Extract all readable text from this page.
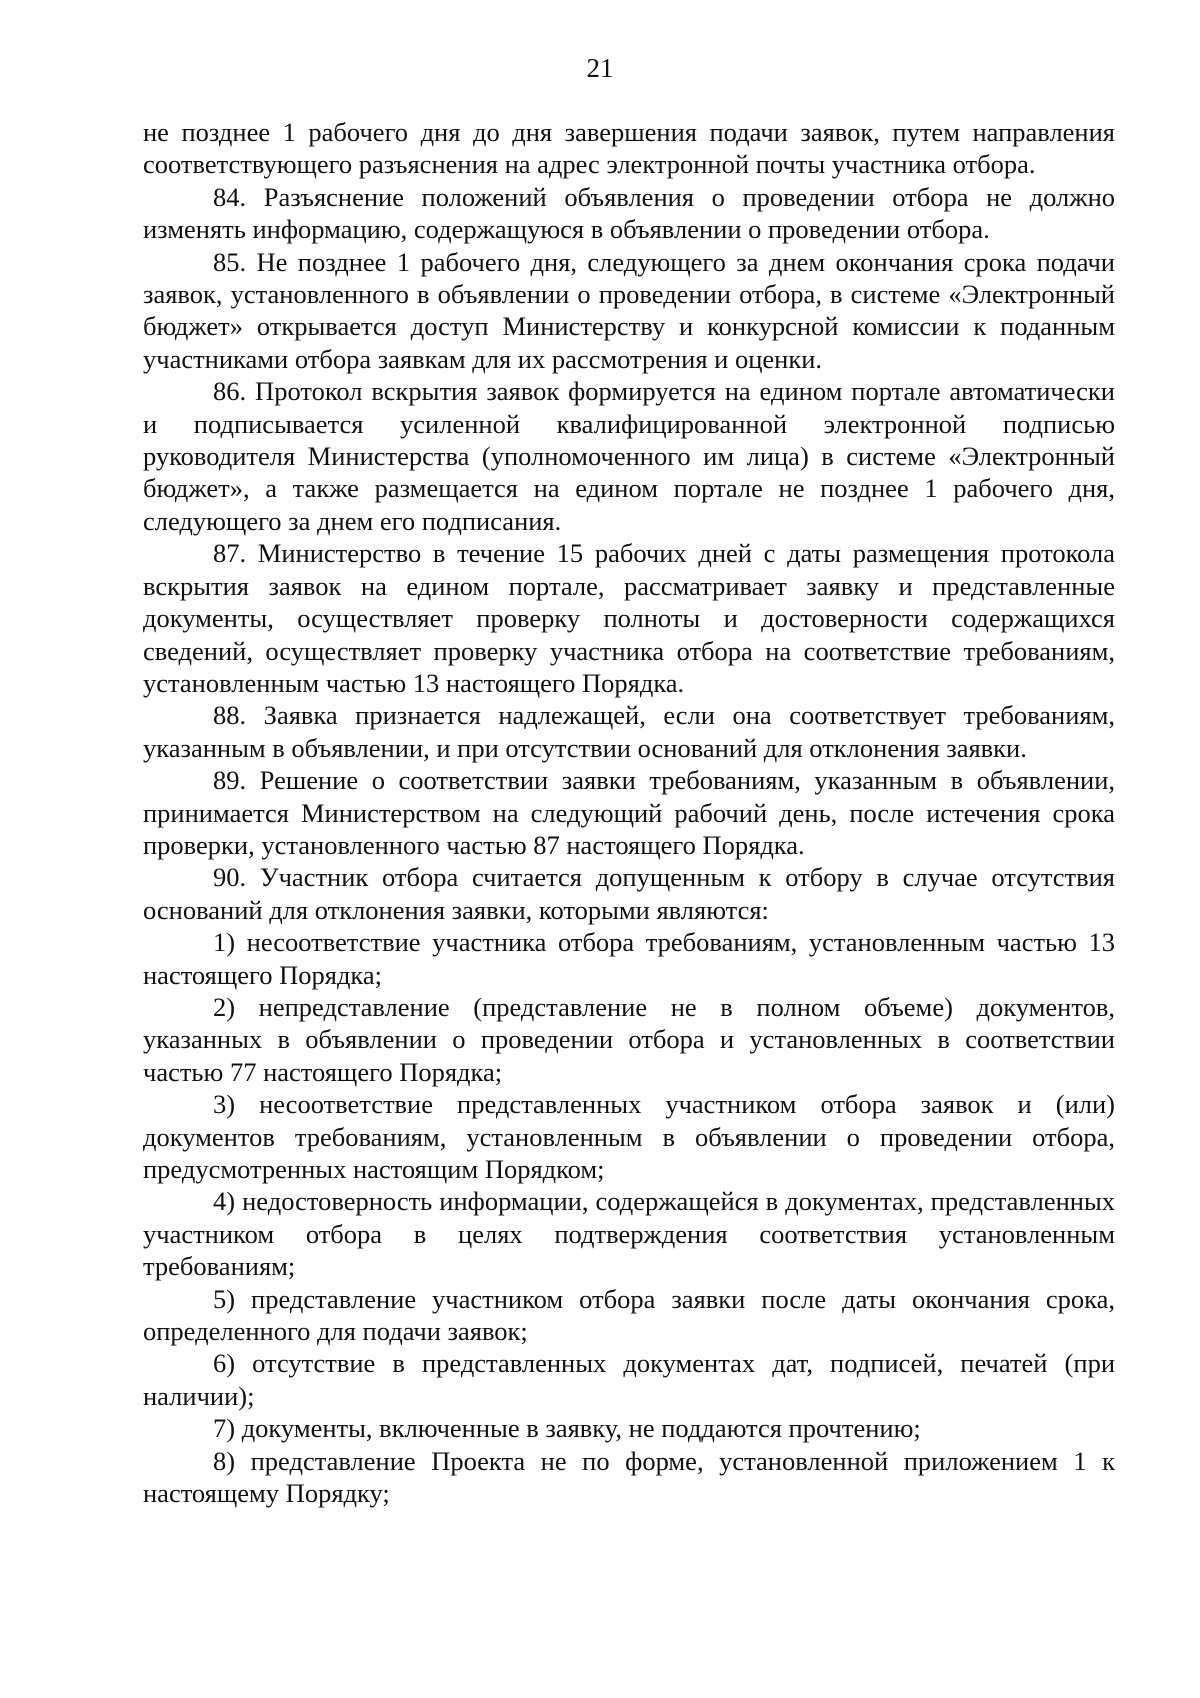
21

не позднее 1 рабочего дня до дня завершения подачи заявок, путем направления соответствующего разъяснения на адрес электронной почты участника отбора.

84. Разъяснение положений объявления о проведении отбора не должно изменять информацию, содержащуюся в объявлении о проведении отбора.

85. Не позднее 1 рабочего дня, следующего за днем окончания срока подачи заявок, установленного в объявлении о проведении отбора, в системе «Электронный бюджет» открывается доступ Министерству и конкурсной комиссии к поданным участниками отбора заявкам для их рассмотрения и оценки.

86. Протокол вскрытия заявок формируется на едином портале автоматически и подписывается усиленной квалифицированной электронной подписью руководителя Министерства (уполномоченного им лица) в системе «Электронный бюджет», а также размещается на едином портале не позднее 1 рабочего дня, следующего за днем его подписания.

87. Министерство в течение 15 рабочих дней с даты размещения протокола вскрытия заявок на едином портале, рассматривает заявку и представленные документы, осуществляет проверку полноты и достоверности содержащихся сведений, осуществляет проверку участника отбора на соответствие требованиям, установленным частью 13 настоящего Порядка.

88. Заявка признается надлежащей, если она соответствует требованиям, указанным в объявлении, и при отсутствии оснований для отклонения заявки.

89. Решение о соответствии заявки требованиям, указанным в объявлении, принимается Министерством на следующий рабочий день, после истечения срока проверки, установленного частью 87 настоящего Порядка.

90. Участник отбора считается допущенным к отбору в случае отсутствия оснований для отклонения заявки, которыми являются:

1) несоответствие участника отбора требованиям, установленным частью 13 настоящего Порядка;

2) непредставление (представление не в полном объеме) документов, указанных в объявлении о проведении отбора и установленных в соответствии частью 77 настоящего Порядка;

3) несоответствие представленных участником отбора заявок и (или) документов требованиям, установленным в объявлении о проведении отбора, предусмотренных настоящим Порядком;

4) недостоверность информации, содержащейся в документах, представленных участником отбора в целях подтверждения соответствия установленным требованиям;

5) представление участником отбора заявки после даты окончания срока, определенного для подачи заявок;

6) отсутствие в представленных документах дат, подписей, печатей (при наличии);

7) документы, включенные в заявку, не поддаются прочтению;

8) представление Проекта не по форме, установленной приложением 1 к настоящему Порядку;
